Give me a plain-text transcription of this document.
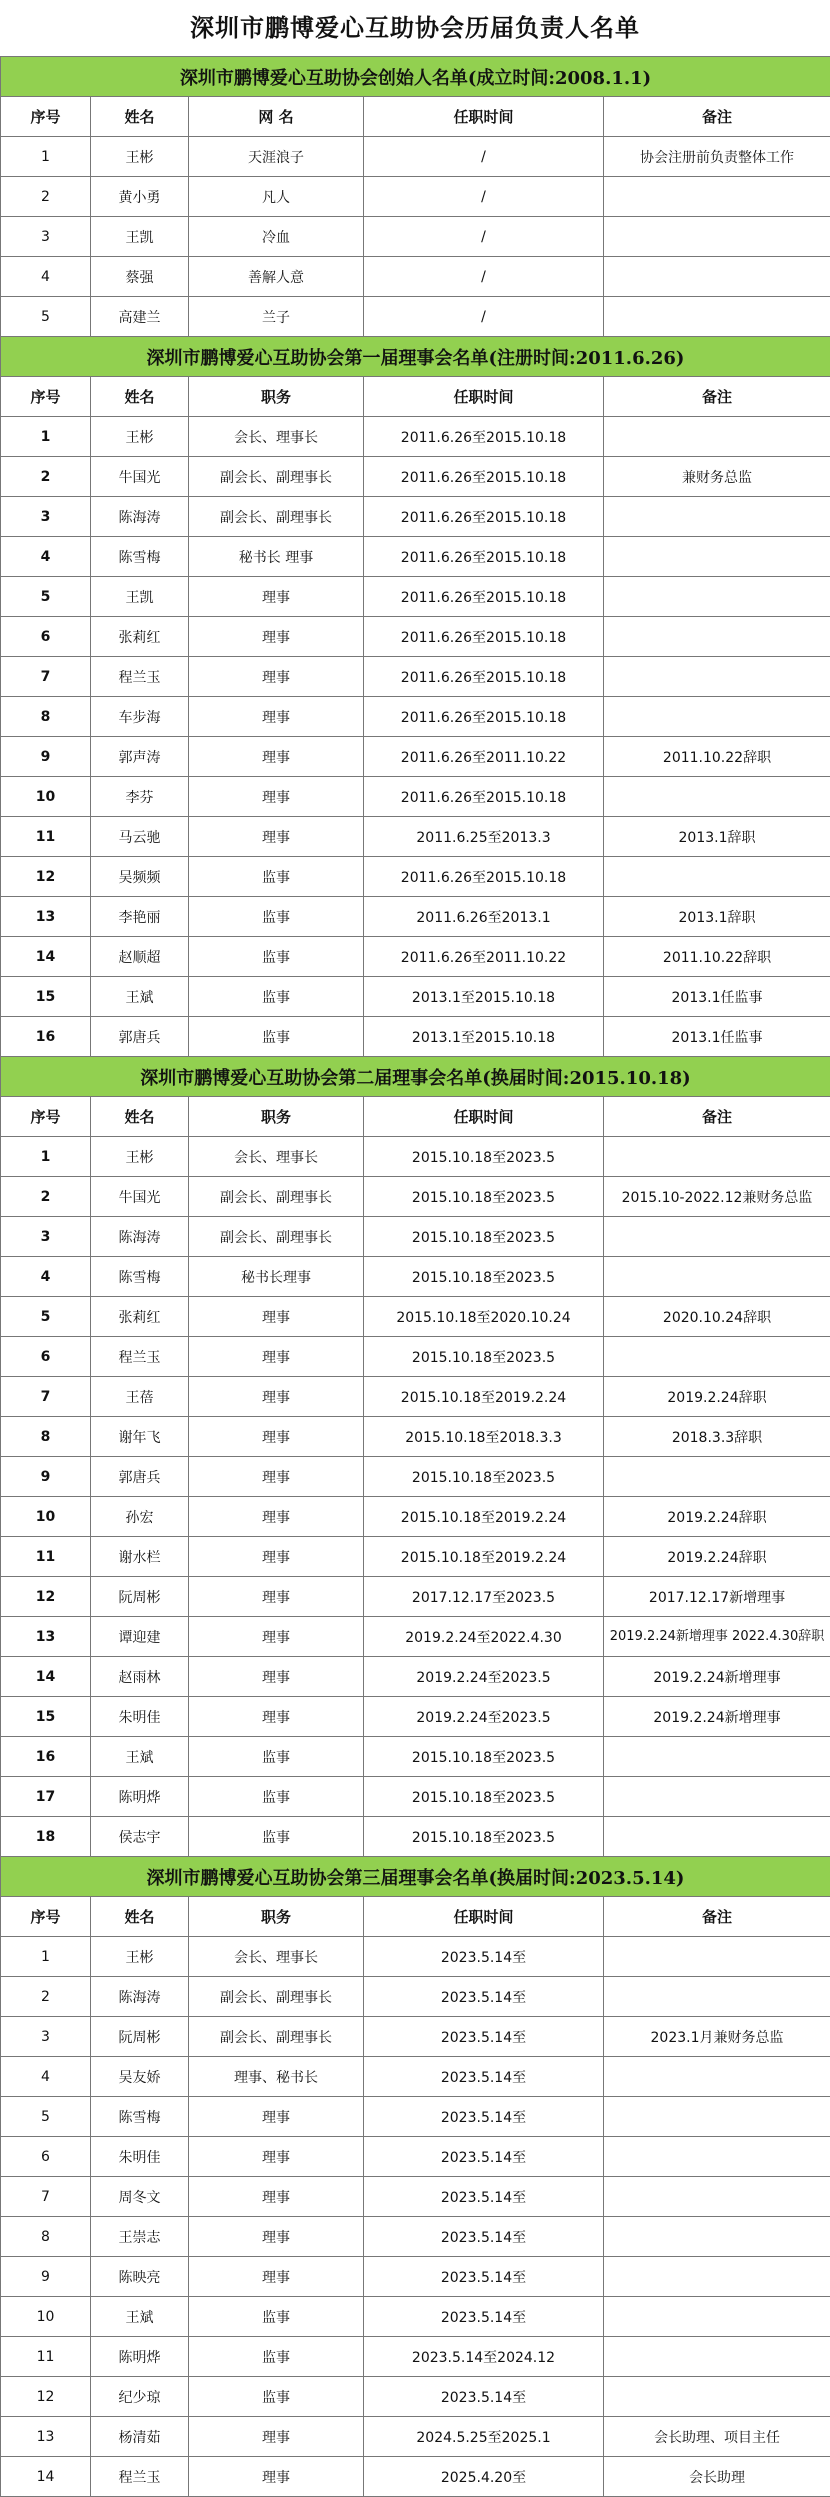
深圳市鹏博爱心互助协会历届负责人名单
深圳市鹏博爱心互助协会创始人名单(成立时间:2008.1.1)				
序号	姓名	网 名	任职时间	备注
1	王彬	天涯浪子	/	协会注册前负责整体工作
2	黄小勇	凡人	/	
3	王凯	冷血	/	
4	蔡强	善解人意	/	
5	高建兰	兰子	/	
深圳市鹏博爱心互助协会第一届理事会名单(注册时间:2011.6.26)				
序号	姓名	职务	任职时间	备注
1	王彬	会长、理事长	2011.6.26至2015.10.18	
2	牛国光	副会长、副理事长	2011.6.26至2015.10.18	兼财务总监
3	陈海涛	副会长、副理事长	2011.6.26至2015.10.18	
4	陈雪梅	秘书长 理事	2011.6.26至2015.10.18	
5	王凯	理事	2011.6.26至2015.10.18	
6	张莉红	理事	2011.6.26至2015.10.18	
7	程兰玉	理事	2011.6.26至2015.10.18	
8	车步海	理事	2011.6.26至2015.10.18	
9	郭声涛	理事	2011.6.26至2011.10.22	2011.10.22辞职
10	李芬	理事	2011.6.26至2015.10.18	
11	马云驰	理事	2011.6.25至2013.3	2013.1辞职
12	吴频频	监事	2011.6.26至2015.10.18	
13	李艳丽	监事	2011.6.26至2013.1	2013.1辞职
14	赵顺超	监事	2011.6.26至2011.10.22	2011.10.22辞职
15	王斌	监事	2013.1至2015.10.18	2013.1任监事
16	郭唐兵	监事	2013.1至2015.10.18	2013.1任监事
深圳市鹏博爱心互助协会第二届理事会名单(换届时间:2015.10.18)				
序号	姓名	职务	任职时间	备注
1	王彬	会长、理事长	2015.10.18至2023.5	
2	牛国光	副会长、副理事长	2015.10.18至2023.5	2015.10-2022.12兼财务总监
3	陈海涛	副会长、副理事长	2015.10.18至2023.5	
4	陈雪梅	秘书长理事	2015.10.18至2023.5	
5	张莉红	理事	2015.10.18至2020.10.24	2020.10.24辞职
6	程兰玉	理事	2015.10.18至2023.5	
7	王蓓	理事	2015.10.18至2019.2.24	2019.2.24辞职
8	谢年飞	理事	2015.10.18至2018.3.3	2018.3.3辞职
9	郭唐兵	理事	2015.10.18至2023.5	
10	孙宏	理事	2015.10.18至2019.2.24	2019.2.24辞职
11	谢水栏	理事	2015.10.18至2019.2.24	2019.2.24辞职
12	阮周彬	理事	2017.12.17至2023.5	2017.12.17新增理事
13	谭迎建	理事	2019.2.24至2022.4.30	2019.2.24新增理事 2022.4.30辞职
14	赵雨林	理事	2019.2.24至2023.5	2019.2.24新增理事
15	朱明佳	理事	2019.2.24至2023.5	2019.2.24新增理事
16	王斌	监事	2015.10.18至2023.5	
17	陈明烨	监事	2015.10.18至2023.5	
18	侯志宇	监事	2015.10.18至2023.5	
深圳市鹏博爱心互助协会第三届理事会名单(换届时间:2023.5.14)				
序号	姓名	职务	任职时间	备注
1	王彬	会长、理事长	2023.5.14至	
2	陈海涛	副会长、副理事长	2023.5.14至	
3	阮周彬	副会长、副理事长	2023.5.14至	2023.1月兼财务总监
4	吴友娇	理事、秘书长	2023.5.14至	
5	陈雪梅	理事	2023.5.14至	
6	朱明佳	理事	2023.5.14至	
7	周冬文	理事	2023.5.14至	
8	王崇志	理事	2023.5.14至	
9	陈映亮	理事	2023.5.14至	
10	王斌	监事	2023.5.14至	
11	陈明烨	监事	2023.5.14至2024.12	
12	纪少琼	监事	2023.5.14至	
13	杨清茹	理事	2024.5.25至2025.1	会长助理、项目主任
14	程兰玉	理事	2025.4.20至	会长助理
